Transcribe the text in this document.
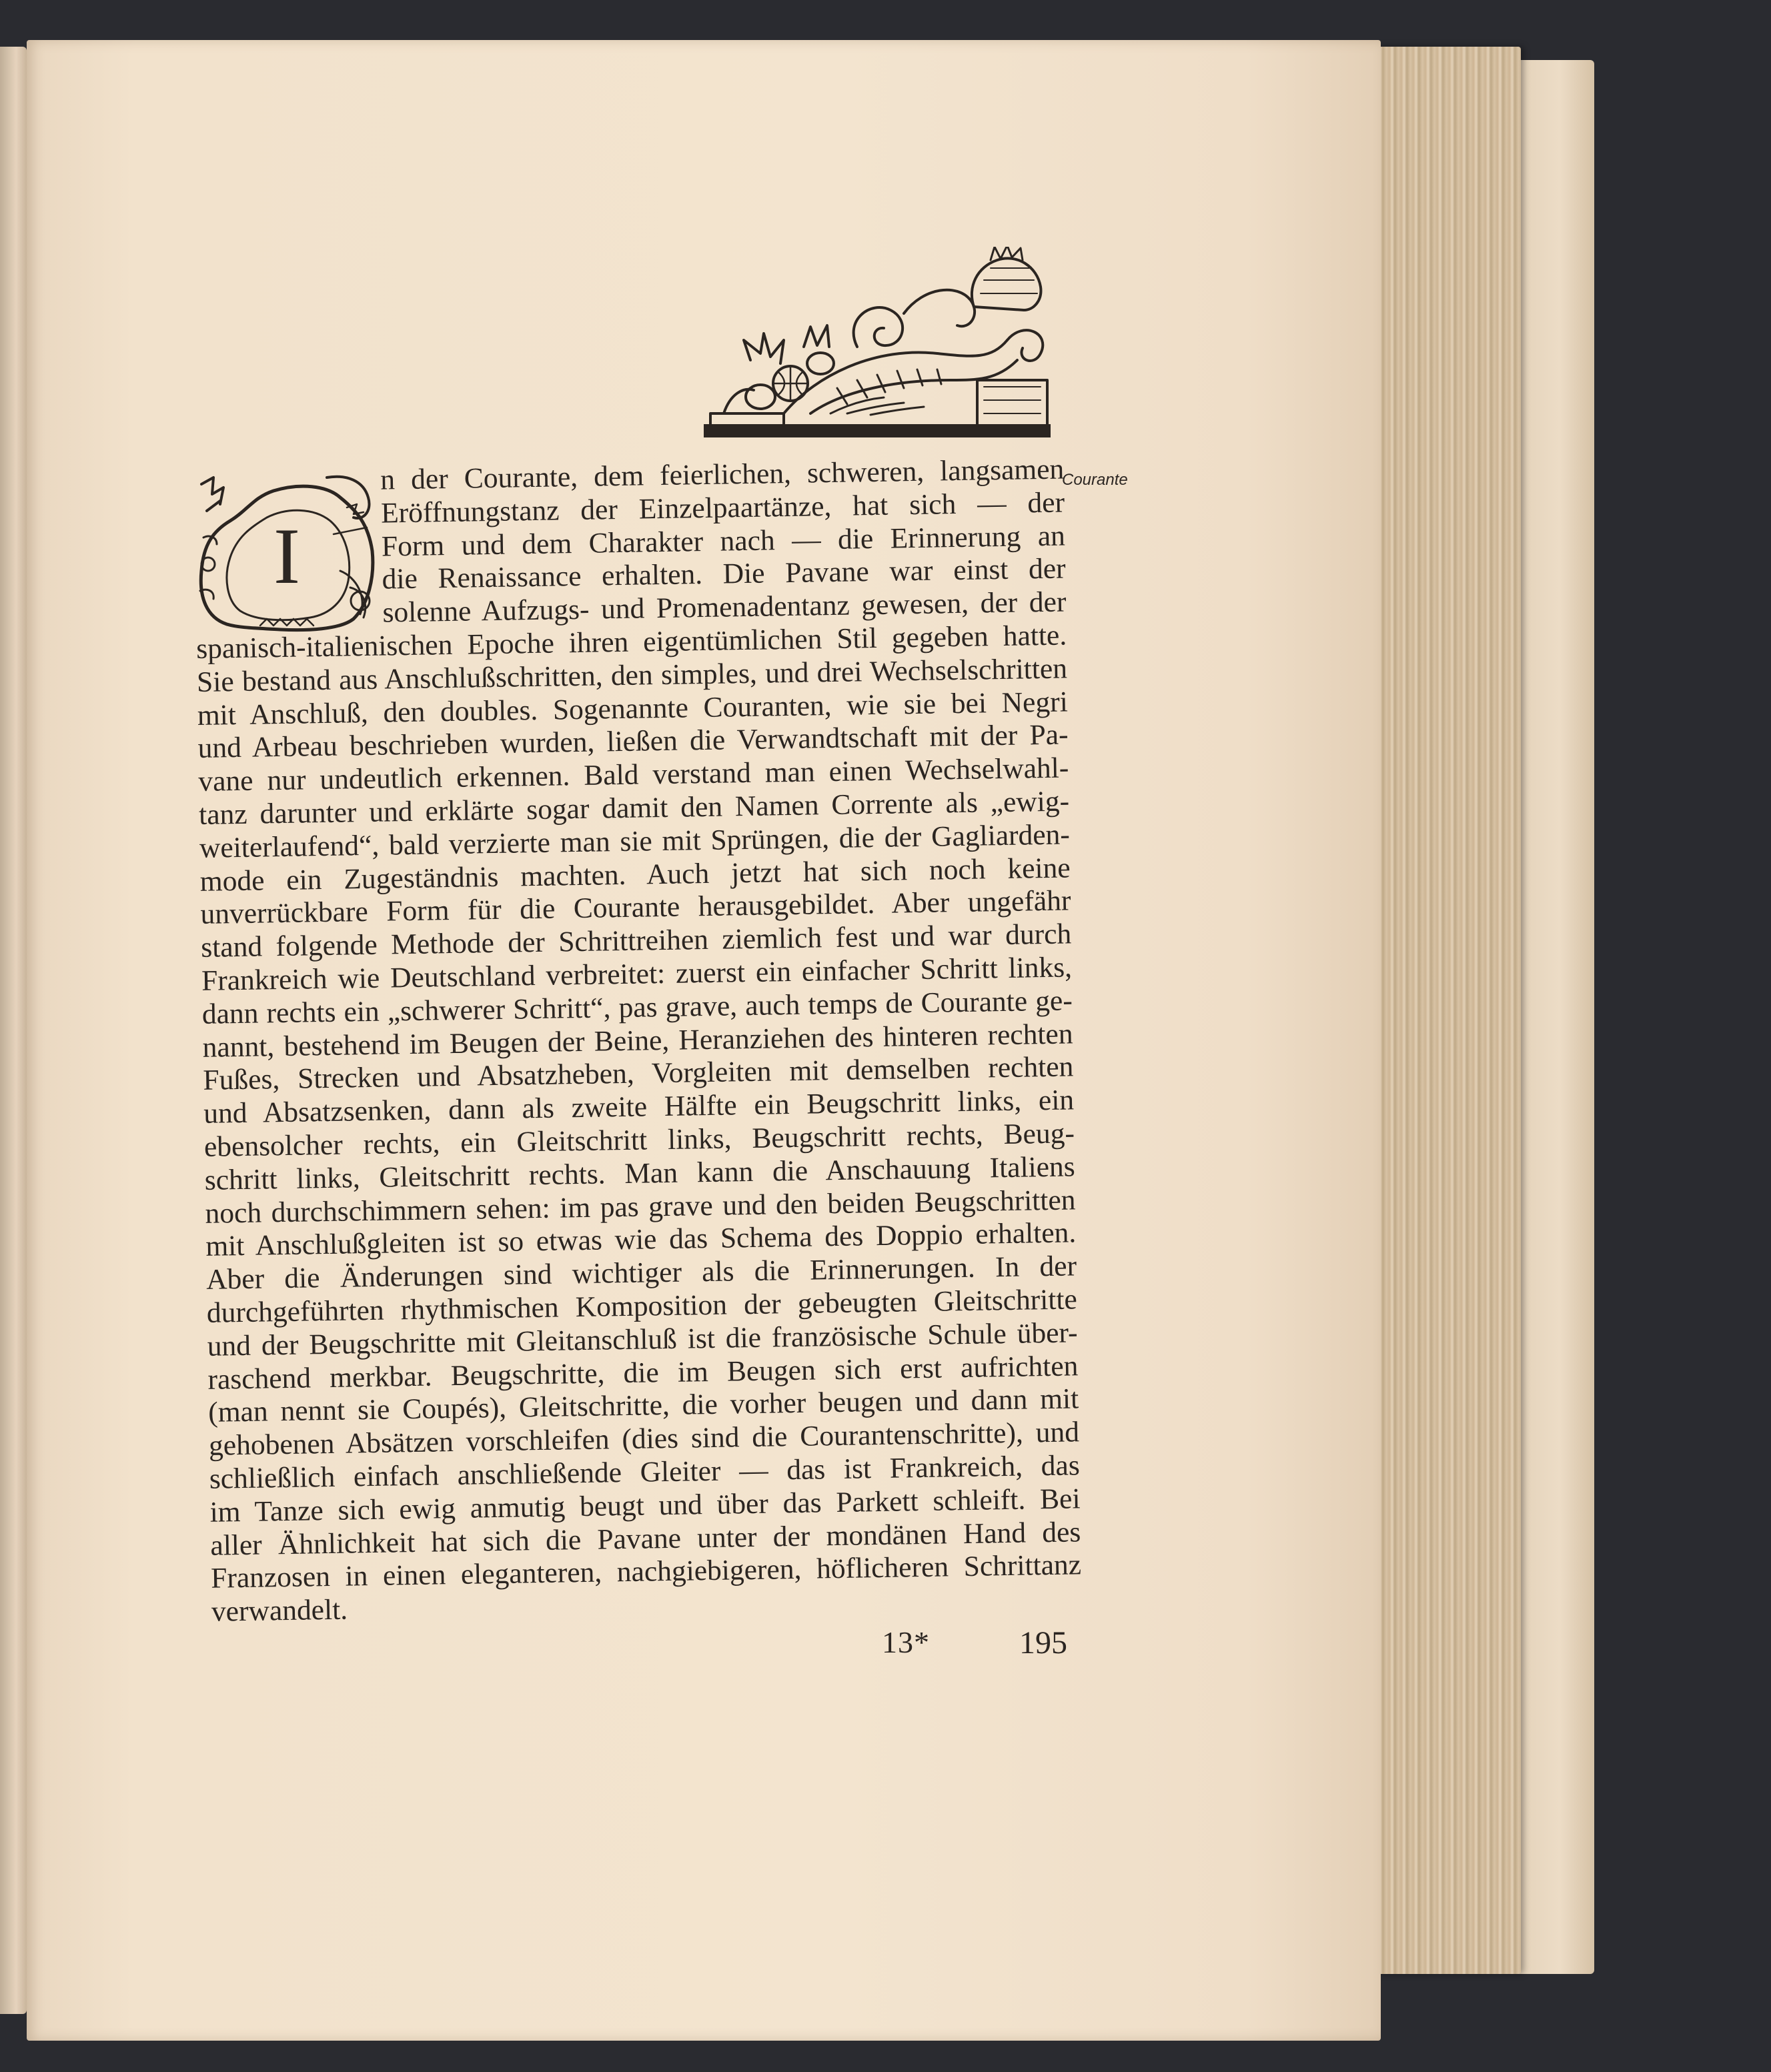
I
Courante
n der Courante, dem feierlichen, schweren, langsamen
Eröffnungstanz der Einzelpaartänze, hat sich — der
Form und dem Charakter nach — die Erinnerung an
die Renaissance erhalten. Die Pavane war einst der
solenne Aufzugs- und Promenadentanz gewesen, der der
spanisch-italienischen Epoche ihren eigentümlichen Stil gegeben hatte.
Sie bestand aus Anschlußschritten, den simples, und drei Wechselschritten
mit Anschluß, den doubles. Sogenannte Couranten, wie sie bei Negri
und Arbeau beschrieben wurden, ließen die Verwandtschaft mit der Pa-
vane nur undeutlich erkennen. Bald verstand man einen Wechselwahl-
tanz darunter und erklärte sogar damit den Namen Corrente als „ewig-
weiterlaufend“, bald verzierte man sie mit Sprüngen, die der Gagliarden-
mode ein Zugeständnis machten. Auch jetzt hat sich noch keine
unverrückbare Form für die Courante herausgebildet. Aber ungefähr
stand folgende Methode der Schrittreihen ziemlich fest und war durch
Frankreich wie Deutschland verbreitet: zuerst ein einfacher Schritt links,
dann rechts ein „schwerer Schritt“, pas grave, auch temps de Courante ge-
nannt, bestehend im Beugen der Beine, Heranziehen des hinteren rechten
Fußes, Strecken und Absatzheben, Vorgleiten mit demselben rechten
und Absatzsenken, dann als zweite Hälfte ein Beugschritt links, ein
ebensolcher rechts, ein Gleitschritt links, Beugschritt rechts, Beug-
schritt links, Gleitschritt rechts. Man kann die Anschauung Italiens
noch durchschimmern sehen: im pas grave und den beiden Beugschritten
mit Anschlußgleiten ist so etwas wie das Schema des Doppio erhalten.
Aber die Änderungen sind wichtiger als die Erinnerungen. In der
durchgeführten rhythmischen Komposition der gebeugten Gleitschritte
und der Beugschritte mit Gleitanschluß ist die französische Schule über-
raschend merkbar. Beugschritte, die im Beugen sich erst aufrichten
(man nennt sie Coupés), Gleitschritte, die vorher beugen und dann mit
gehobenen Absätzen vorschleifen (dies sind die Courantenschritte), und
schließlich einfach anschließende Gleiter — das ist Frankreich, das
im Tanze sich ewig anmutig beugt und über das Parkett schleift. Bei
aller Ähnlichkeit hat sich die Pavane unter der mondänen Hand des
Franzosen in einen eleganteren, nachgiebigeren, höflicheren Schrittanz
verwandelt.
13*	195
